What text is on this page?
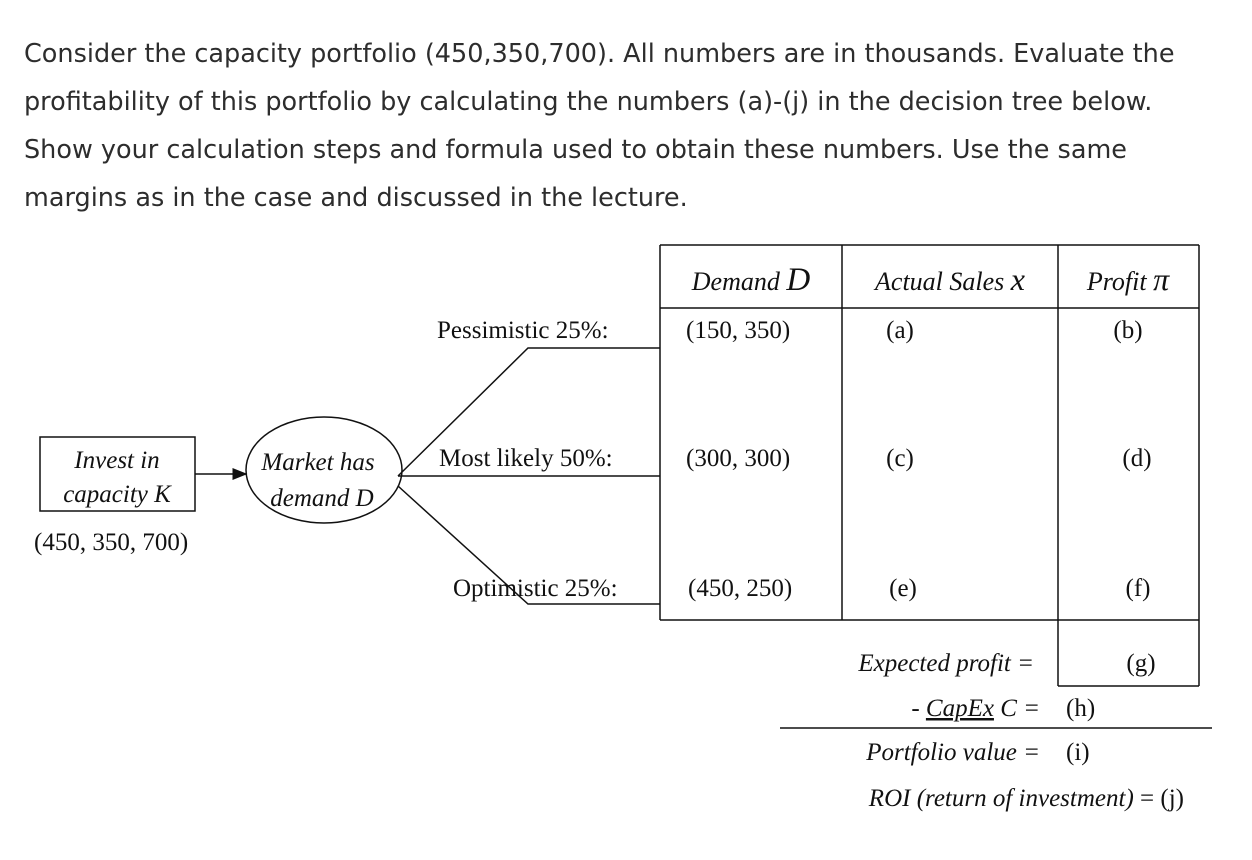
Consider the capacity portfolio (450,350,700). All numbers are in thousands. Evaluate the profitability of this portfolio by calculating the numbers (a)-(j) in the decision tree below. Show your calculation steps and formula used to obtain these numbers. Use the same margins as in the case and discussed in the lecture.

Invest in
capacity K
(450, 350, 700)
Market has
demand D
Pessimistic 25%:
Most likely 50%:
Optimistic 25%:
Demand D Actual Sales x Profit π
(150, 350)	(a)	(b)
(300, 300)	(c)	(d)
(450, 250)	(e)	(f)
Expected profit =	(g)
- CapEx C = (h)
Portfolio value = (i)
ROI (return of investment) = (j)
